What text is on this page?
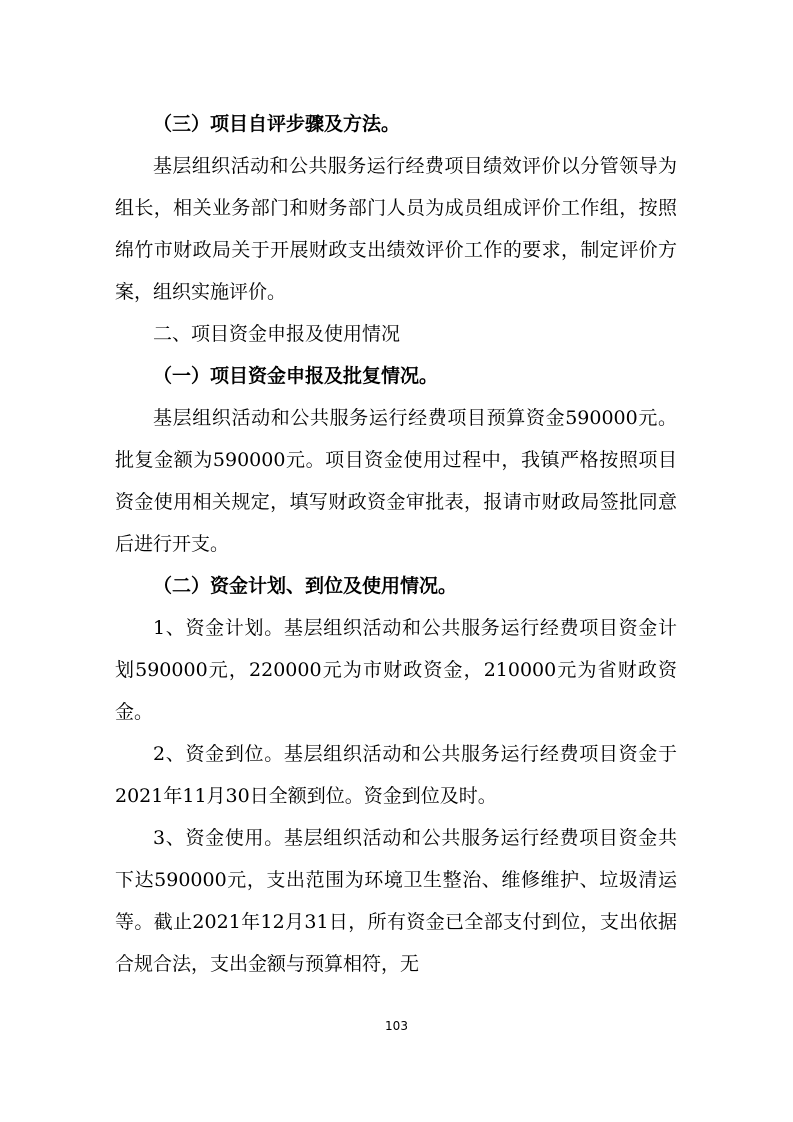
（三）项目自评步骤及方法。

基层组织活动和公共服务运行经费项目绩效评价以分管领导为组长，相关业务部门和财务部门人员为成员组成评价工作组，按照绵竹市财政局关于开展财政支出绩效评价工作的要求，制定评价方案，组织实施评价。

二、项目资金申报及使用情况

（一）项目资金申报及批复情况。

基层组织活动和公共服务运行经费项目预算资金590000元。批复金额为590000元。项目资金使用过程中，我镇严格按照项目资金使用相关规定，填写财政资金审批表，报请市财政局签批同意后进行开支。

（二）资金计划、到位及使用情况。

1、资金计划。基层组织活动和公共服务运行经费项目资金计划590000元，220000元为市财政资金，210000元为省财政资金。

2、资金到位。基层组织活动和公共服务运行经费项目资金于2021年11月30日全额到位。资金到位及时。

3、资金使用。基层组织活动和公共服务运行经费项目资金共下达590000元，支出范围为环境卫生整治、维修维护、垃圾清运等。截止2021年12月31日，所有资金已全部支付到位，支出依据合规合法，支出金额与预算相符，无

103
